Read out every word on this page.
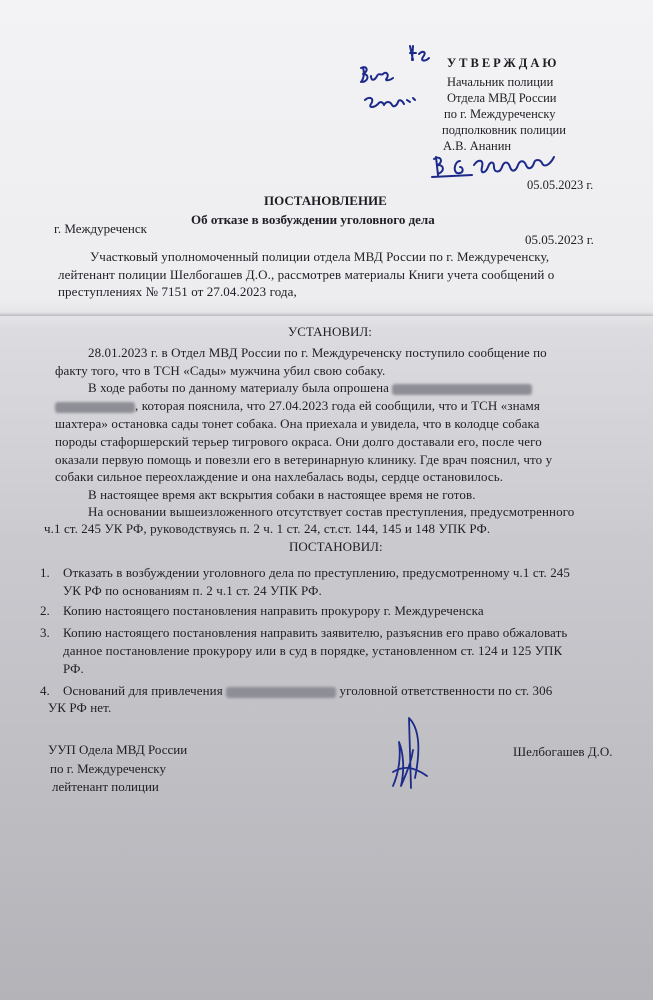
УТВЕРЖДАЮ
Начальник полиции
Отдела МВД России
по г. Междуреченску
подполковник полиции
А.В. Ананин
05.05.2023 г.
ПОСТАНОВЛЕНИЕ
Об отказе в возбуждении уголовного дела
г. Междуреченск
05.05.2023 г.
Участковый уполномоченный полиции отдела МВД России по г. Междуреченску,
лейтенант полиции Шелбогашев Д.О., рассмотрев материалы Книги учета сообщений о
преступлениях № 7151 от 27.04.2023 года,
УСТАНОВИЛ:
28.01.2023 г. в Отдел МВД России по г. Междуреченску поступило сообщение по
факту того, что в ТСН «Сады» мужчина убил свою собаку.
В ходе работы по данному материалу была опрошена
, которая пояснила, что 27.04.2023 года ей сообщили, что и ТСН «знамя
шахтера» остановка сады тонет собака. Она приехала и увидела, что в колодце собака
породы стафоршерский терьер тигрового окраса. Они долго доставали его, после чего
оказали первую помощь и повезли его в ветеринарную клинику. Где врач пояснил, что у
собаки сильное переохлаждение и она нахлебалась воды, сердце остановилось.
В настоящее время акт вскрытия собаки в настоящее время не готов.
На основании вышеизложенного отсутствует состав преступления, предусмотренного
ч.1 ст. 245 УК РФ, руководствуясь п. 2 ч. 1 ст. 24, ст.ст. 144, 145 и 148 УПК РФ.
ПОСТАНОВИЛ:
1. Отказать в возбуждении уголовного дела по преступлению, предусмотренному ч.1 ст. 245
УК РФ по основаниям п. 2 ч.1 ст. 24 УПК РФ.
2. Копию настоящего постановления направить прокурору г. Междуреченска
3. Копию настоящего постановления направить заявителю, разъяснив его право обжаловать
данное постановление прокурору или в суд в порядке, установленном ст. 124 и 125 УПК
РФ.
4. Оснований для привлечения	уголовной ответственности по ст. 306
УК РФ нет.
УУП Одела МВД России
по г. Междуреченску
лейтенант полиции
Шелбогашев Д.О.
